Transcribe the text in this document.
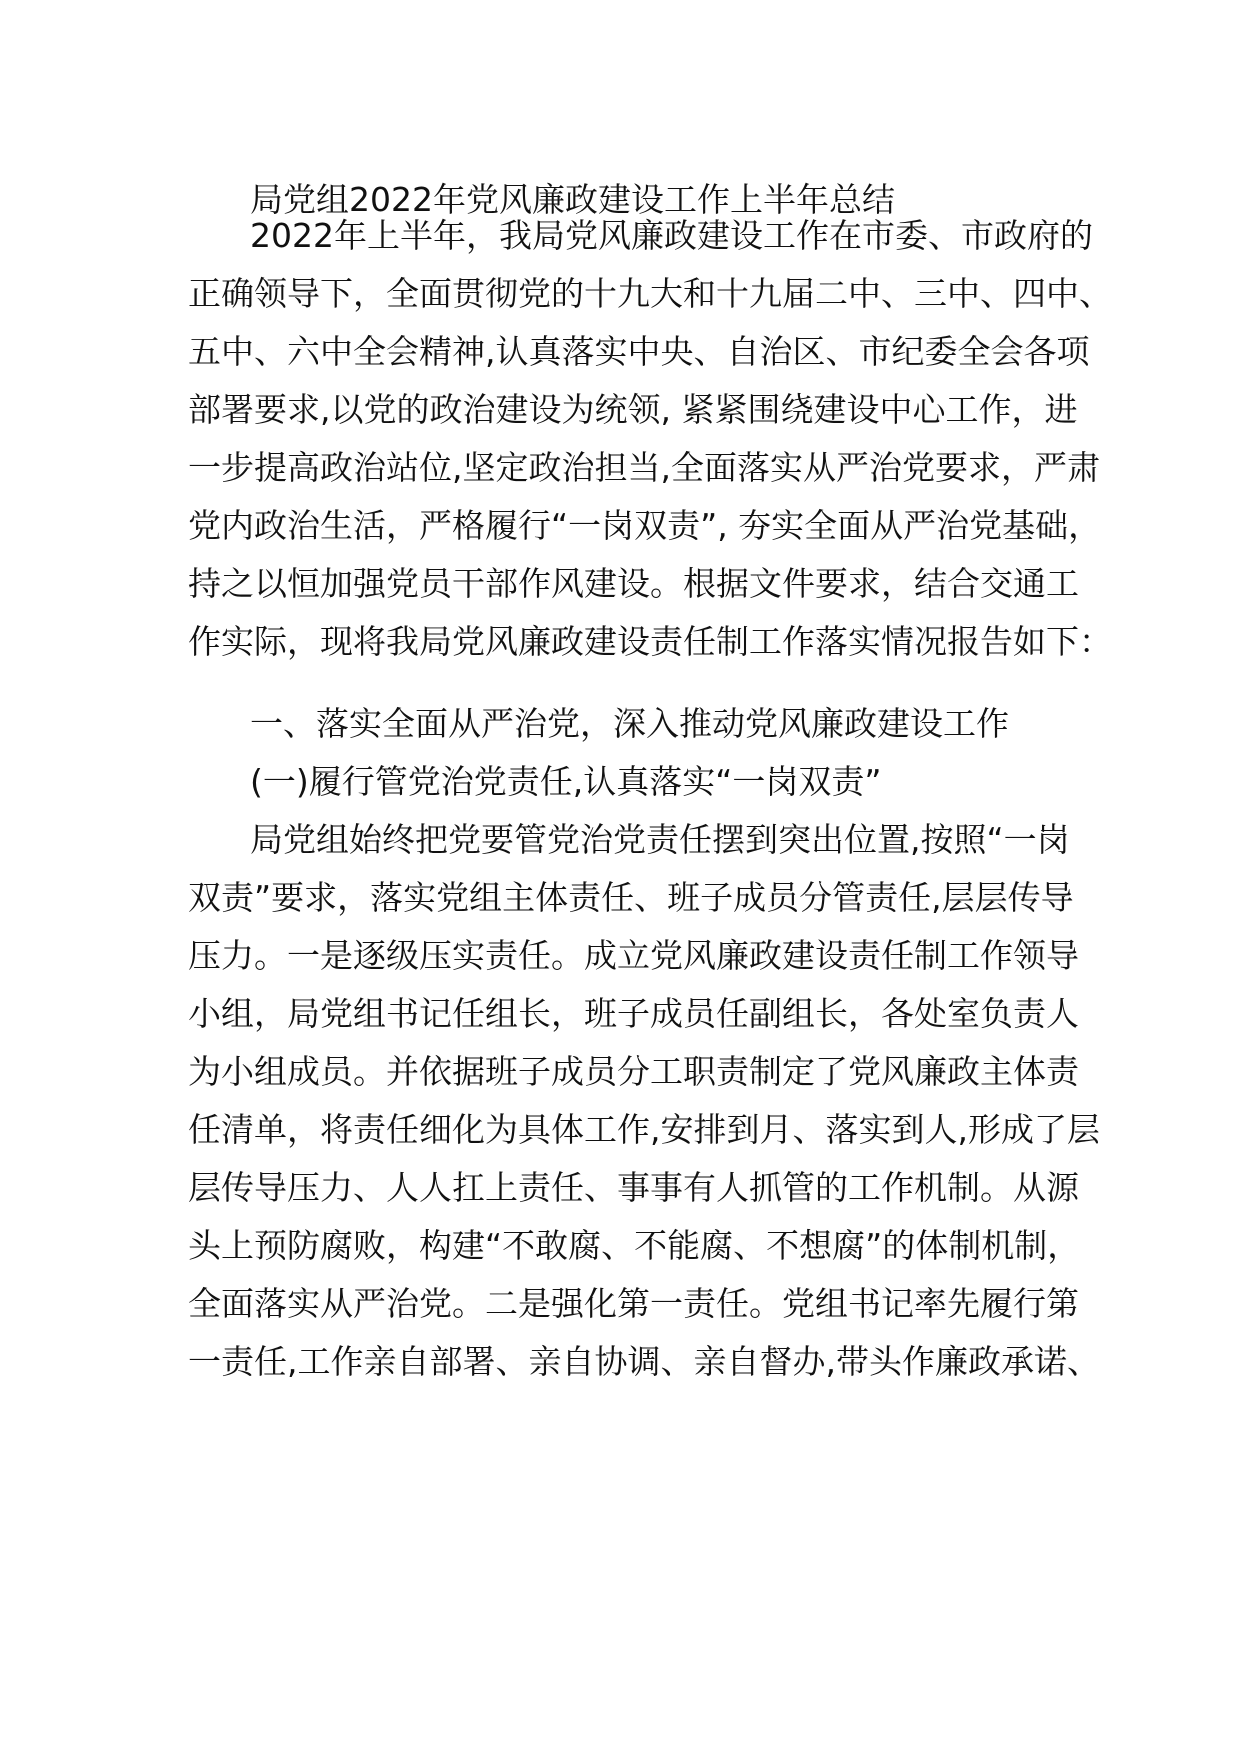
局党组2022年党风廉政建设工作上半年总结

2022年上半年，我局党风廉政建设工作在市委、市政府的

正确领导下，全面贯彻党的十九大和十九届二中、三中、四中、

五中、六中全会精神,认真落实中央、自治区、市纪委全会各项

部署要求,以党的政治建设为统领, 紧紧围绕建设中心工作，进

一步提高政治站位,坚定政治担当,全面落实从严治党要求，严肃

党内政治生活，严格履行“一岗双责”, 夯实全面从严治党基础，

持之以恒加强党员干部作风建设。根据文件要求，结合交通工

作实际，现将我局党风廉政建设责任制工作落实情况报告如下：

一、落实全面从严治党，深入推动党风廉政建设工作

(一)履行管党治党责任,认真落实“一岗双责”

局党组始终把党要管党治党责任摆到突出位置,按照“一岗

双责”要求，落实党组主体责任、班子成员分管责任,层层传导

压力。一是逐级压实责任。成立党风廉政建设责任制工作领导

小组，局党组书记任组长，班子成员任副组长，各处室负责人

为小组成员。并依据班子成员分工职责制定了党风廉政主体责

任清单，将责任细化为具体工作,安排到月、落实到人,形成了层

层传导压力、人人扛上责任、事事有人抓管的工作机制。从源

头上预防腐败，构建“不敢腐、不能腐、不想腐”的体制机制，

全面落实从严治党。二是强化第一责任。党组书记率先履行第

一责任,工作亲自部署、亲自协调、亲自督办,带头作廉政承诺、
